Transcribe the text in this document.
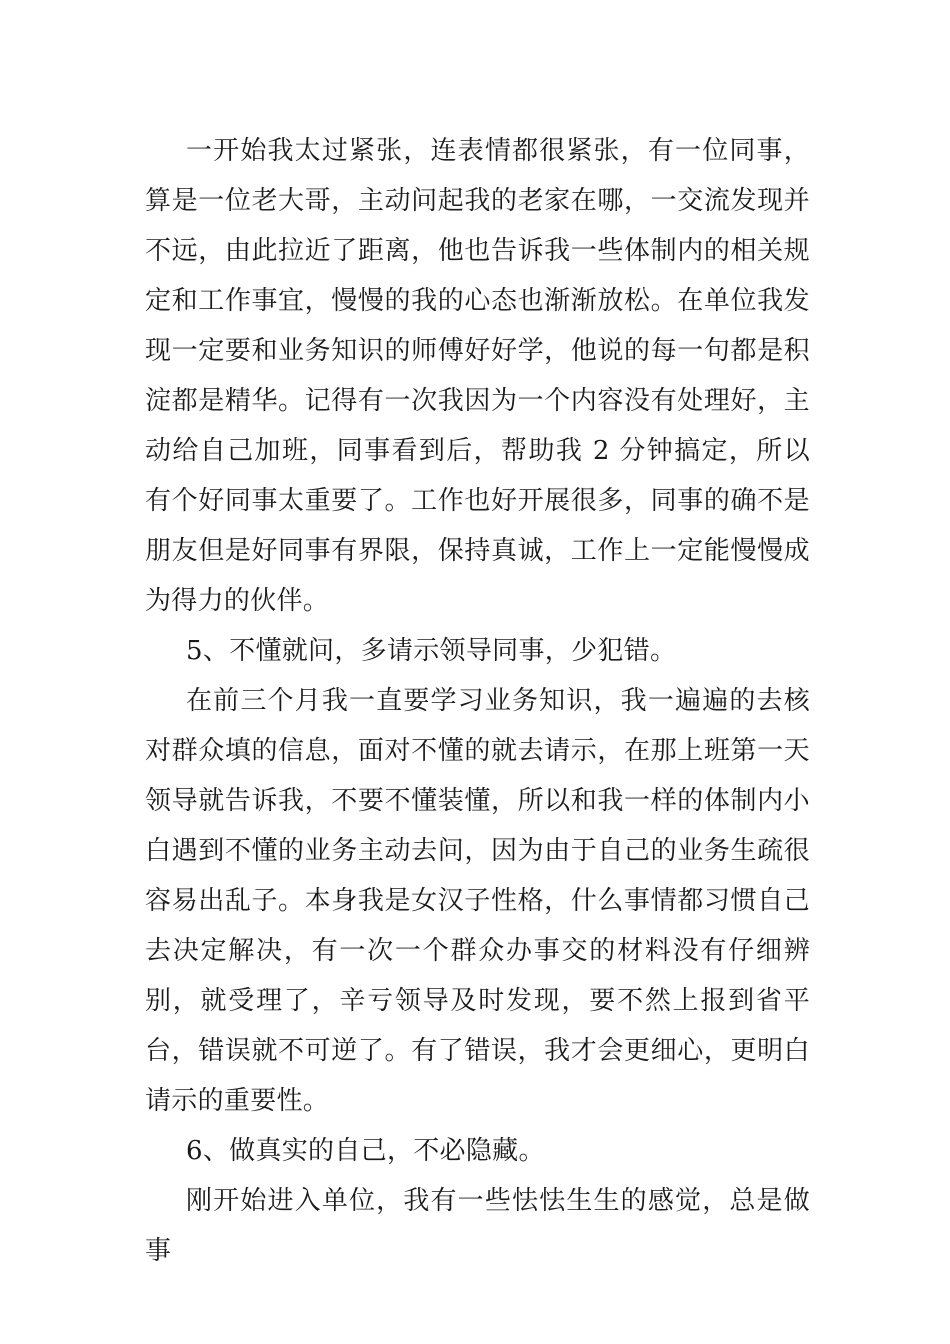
一开始我太过紧张，连表情都很紧张，有一位同事，算是一位老大哥，主动问起我的老家在哪，一交流发现并不远，由此拉近了距离，他也告诉我一些体制内的相关规定和工作事宜，慢慢的我的心态也渐渐放松。在单位我发现一定要和业务知识的师傅好好学，他说的每一句都是积淀都是精华。记得有一次我因为一个内容没有处理好，主动给自己加班，同事看到后，帮助我 2 分钟搞定，所以有个好同事太重要了。工作也好开展很多，同事的确不是朋友但是好同事有界限，保持真诚，工作上一定能慢慢成为得力的伙伴。

5、不懂就问，多请示领导同事，少犯错。

在前三个月我一直要学习业务知识，我一遍遍的去核对群众填的信息，面对不懂的就去请示，在那上班第一天领导就告诉我，不要不懂装懂，所以和我一样的体制内小白遇到不懂的业务主动去问，因为由于自己的业务生疏很容易出乱子。本身我是女汉子性格，什么事情都习惯自己去决定解决，有一次一个群众办事交的材料没有仔细辨别，就受理了，辛亏领导及时发现，要不然上报到省平台，错误就不可逆了。有了错误，我才会更细心，更明白请示的重要性。

6、做真实的自己，不必隐藏。

刚开始进入单位，我有一些怯怯生生的感觉，总是做事
